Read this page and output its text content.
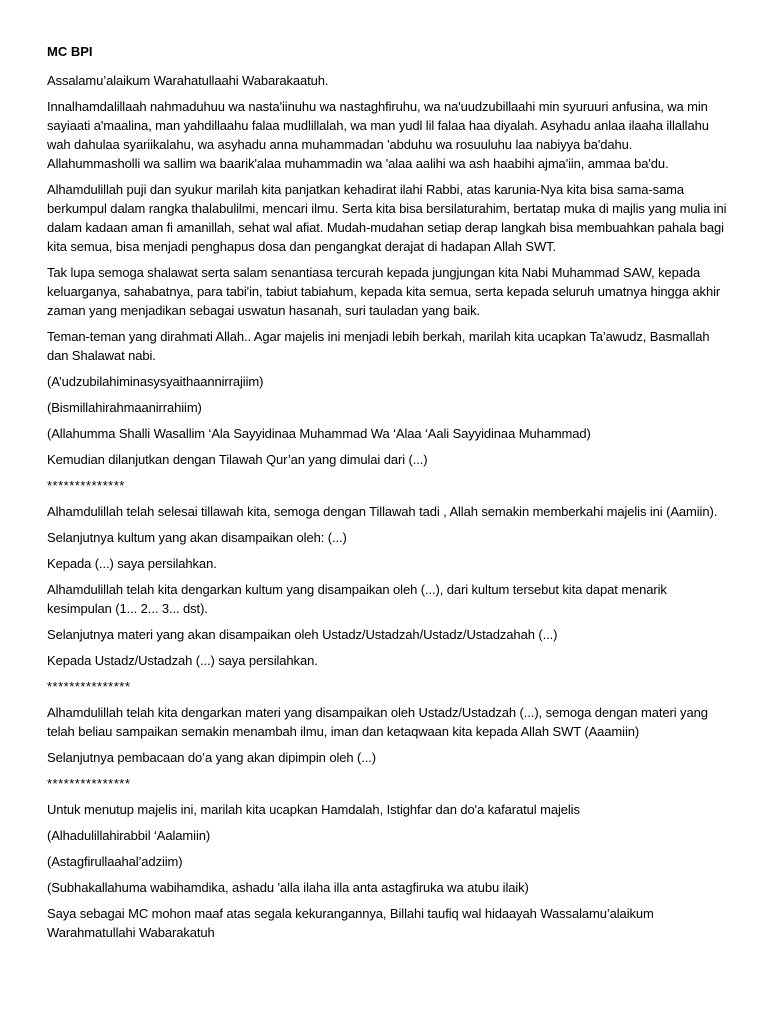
MC BPI

Assalamu’alaikum Warahatullaahi Wabarakaatuh.

Innalhamdalillaah nahmaduhuu wa nasta'iinuhu wa nastaghfiruhu, wa na'uudzubillaahi min syuruuri anfusina, wa min sayiaati a'maalina, man yahdillaahu falaa mudlillalah, wa man yudl lil falaa haa diyalah. Asyhadu anlaa ilaaha illallahu wah dahulaa syariikalahu, wa asyhadu anna muhammadan 'abduhu wa rosuuluhu laa nabiyya ba'dahu. Allahummasholli wa sallim wa baarik'alaa muhammadin wa 'alaa aalihi wa ash haabihi ajma'iin, ammaa ba'du.

Alhamdulillah puji dan syukur marilah kita panjatkan kehadirat ilahi Rabbi, atas karunia-Nya kita bisa sama-sama berkumpul dalam rangka thalabulilmi, mencari ilmu. Serta kita bisa bersilaturahim, bertatap muka di majlis yang mulia ini dalam kadaan aman fi amanillah, sehat wal afiat. Mudah-mudahan setiap derap langkah bisa membuahkan pahala bagi kita semua, bisa menjadi penghapus dosa dan pengangkat derajat di hadapan Allah SWT.

Tak lupa semoga shalawat serta salam senantiasa tercurah kepada jungjungan kita Nabi Muhammad SAW, kepada keluarganya, sahabatnya, para tabi'in, tabiut tabiahum, kepada kita semua, serta kepada seluruh umatnya hingga akhir zaman yang menjadikan sebagai uswatun hasanah, suri tauladan yang baik.

Teman-teman yang dirahmati Allah.. Agar majelis ini menjadi lebih berkah, marilah kita ucapkan Ta’awudz, Basmallah dan Shalawat nabi.

(A’udzubilahiminasysyaithaannirrajiim)

(Bismillahirahmaanirrahiim)

(Allahumma Shalli Wasallim ‘Ala Sayyidinaa Muhammad Wa ‘Alaa ‘Aali Sayyidinaa Muhammad)

Kemudian dilanjutkan dengan Tilawah Qur’an yang dimulai dari (...)

**************

Alhamdulillah telah selesai tillawah kita, semoga dengan Tillawah tadi , Allah semakin memberkahi majelis ini (Aamiin).

Selanjutnya kultum yang akan disampaikan oleh: (...)

Kepada (...) saya persilahkan.

Alhamdulillah telah kita dengarkan kultum yang disampaikan oleh (...), dari kultum tersebut kita dapat menarik kesimpulan (1... 2... 3... dst).

Selanjutnya materi yang akan disampaikan oleh Ustadz/Ustadzah/Ustadz/Ustadzahah (...)

Kepada Ustadz/Ustadzah (...) saya persilahkan.

***************

Alhamdulillah telah kita dengarkan materi yang disampaikan oleh Ustadz/Ustadzah (...), semoga dengan materi yang telah beliau sampaikan semakin menambah ilmu, iman dan ketaqwaan kita kepada Allah SWT (Aaamiin)

Selanjutnya pembacaan do’a yang akan dipimpin oleh (...)

***************

Untuk menutup majelis ini, marilah kita ucapkan Hamdalah, Istighfar dan do'a kafaratul majelis

(Alhadulillahirabbil ‘Aalamiin)

(Astagfirullaahal’adziim)

(Subhakallahuma wabihamdika, ashadu 'alla ilaha illa anta astagfiruka wa atubu ilaik)

Saya sebagai MC mohon maaf atas segala kekurangannya, Billahi taufiq wal hidaayah Wassalamu’alaikum Warahmatullahi Wabarakatuh
